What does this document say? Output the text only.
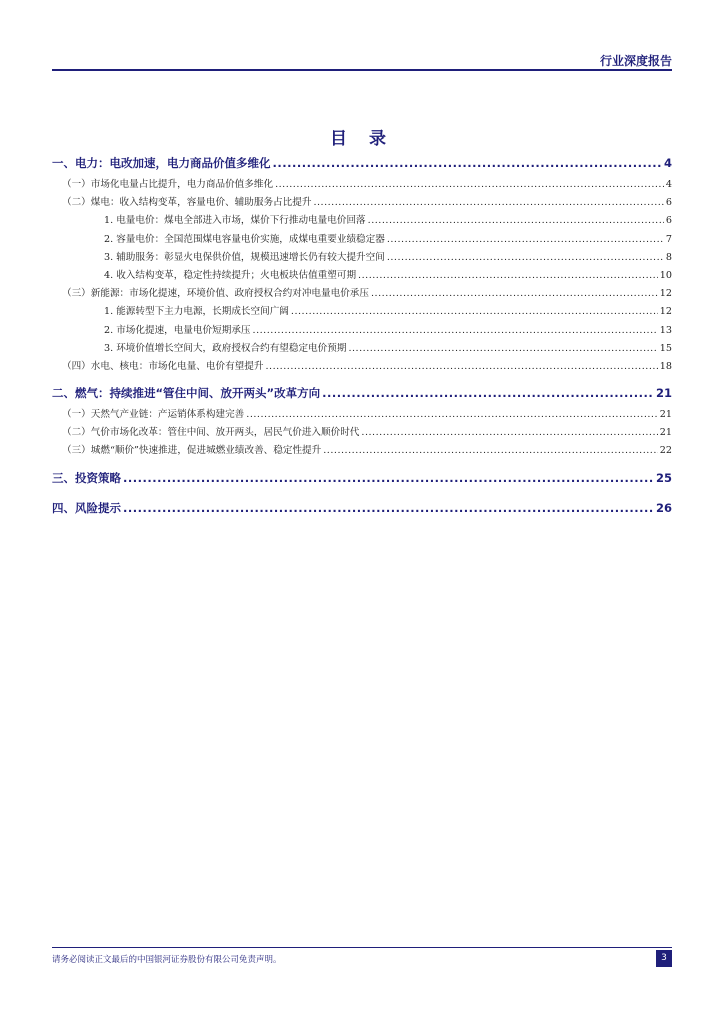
行业深度报告
目 录
一、电力：电改加速，电力商品价值多维化 .....	4
（一）市场化电量占比提升，电力商品价值多维化 .....	4
（二）煤电：收入结构变革，容量电价、辅助服务占比提升 .....	6
1. 电量电价：煤电全部进入市场，煤价下行推动电量电价回落 .....	6
2. 容量电价：全国范围煤电容量电价实施，成煤电重要业绩稳定器 .....	7
3. 辅助服务：彰显火电保供价值，规模迅速增长仍有较大提升空间 .....	8
4. 收入结构变革，稳定性持续提升；火电板块估值重塑可期 .....	10
（三）新能源：市场化提速，环境价值、政府授权合约对冲电量电价承压 .....	12
1. 能源转型下主力电源，长期成长空间广阔 .....	12
2. 市场化提速，电量电价短期承压 .....	13
3. 环境价值增长空间大，政府授权合约有望稳定电价预期 .....	15
（四）水电、核电：市场化电量、电价有望提升 .....	18
二、燃气：持续推进“管住中间、放开两头”改革方向 .....	21
（一）天然气产业链：产运销体系构建完善 .....	21
（二）气价市场化改革：管住中间、放开两头，居民气价进入顺价时代 .....	21
（三）城燃“顺价”快速推进，促进城燃业绩改善、稳定性提升 .....	22
三、投资策略 .....	25
四、风险提示 .....	26
请务必阅读正文最后的中国银河证券股份有限公司免责声明。	3
